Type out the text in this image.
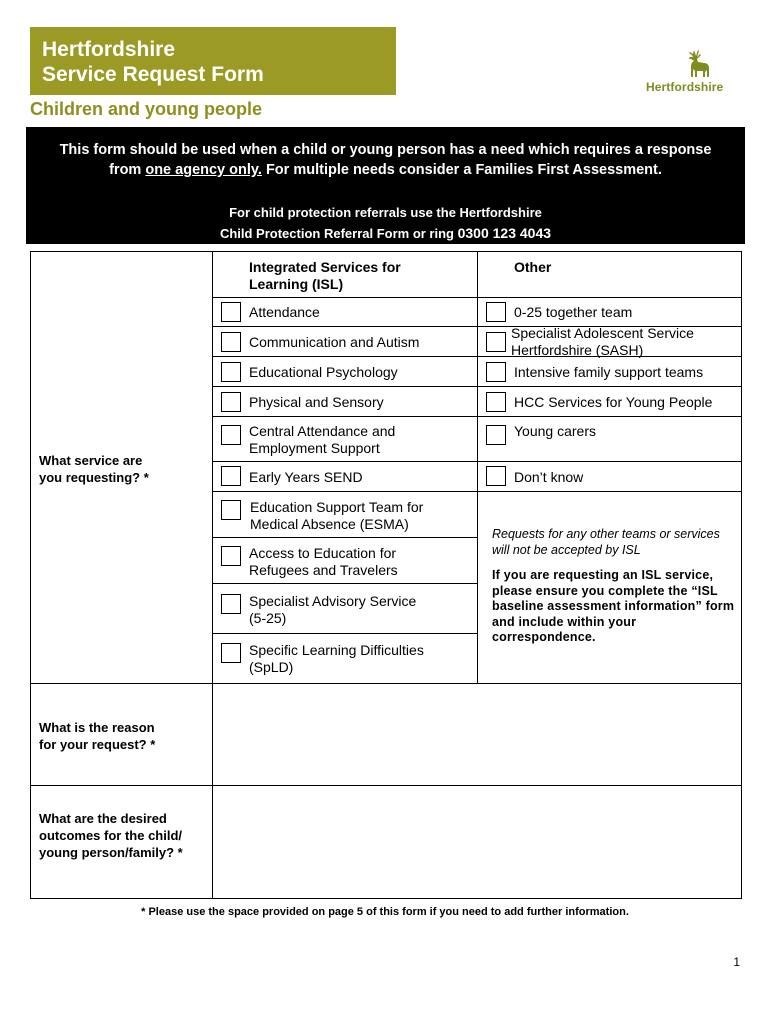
Hertfordshire
Service Request Form
Hertfordshire
Children and young people
This form should be used when a child or young person has a need which requires a response
from one agency only. For multiple needs consider a Families First Assessment.
For child protection referrals use the Hertfordshire
Child Protection Referral Form or ring 0300 123 4043
What service are
you requesting? *
What is the reason
for your request? *
What are the desired
outcomes for the child/
young person/family? *
Integrated Services for
Learning (ISL)
Other
Attendance
Communication and Autism
Educational Psychology
Physical and Sensory
Central Attendance and
Employment Support
Early Years SEND
Education Support Team for
Medical Absence (ESMA)
Access to Education for
Refugees and Travelers
Specialist Advisory Service
(5-25)
Specific Learning Difficulties
(SpLD)
0-25 together team
Specialist Adolescent Service
Hertfordshire (SASH)
Intensive family support teams
HCC Services for Young People
Young carers
Don’t know
Requests for any other teams or services will not be accepted by ISL
If you are requesting an ISL service, please ensure you complete the “ISL baseline assessment information” form and include within your correspondence.
* Please use the space provided on page 5 of this form if you need to add further information.
1
